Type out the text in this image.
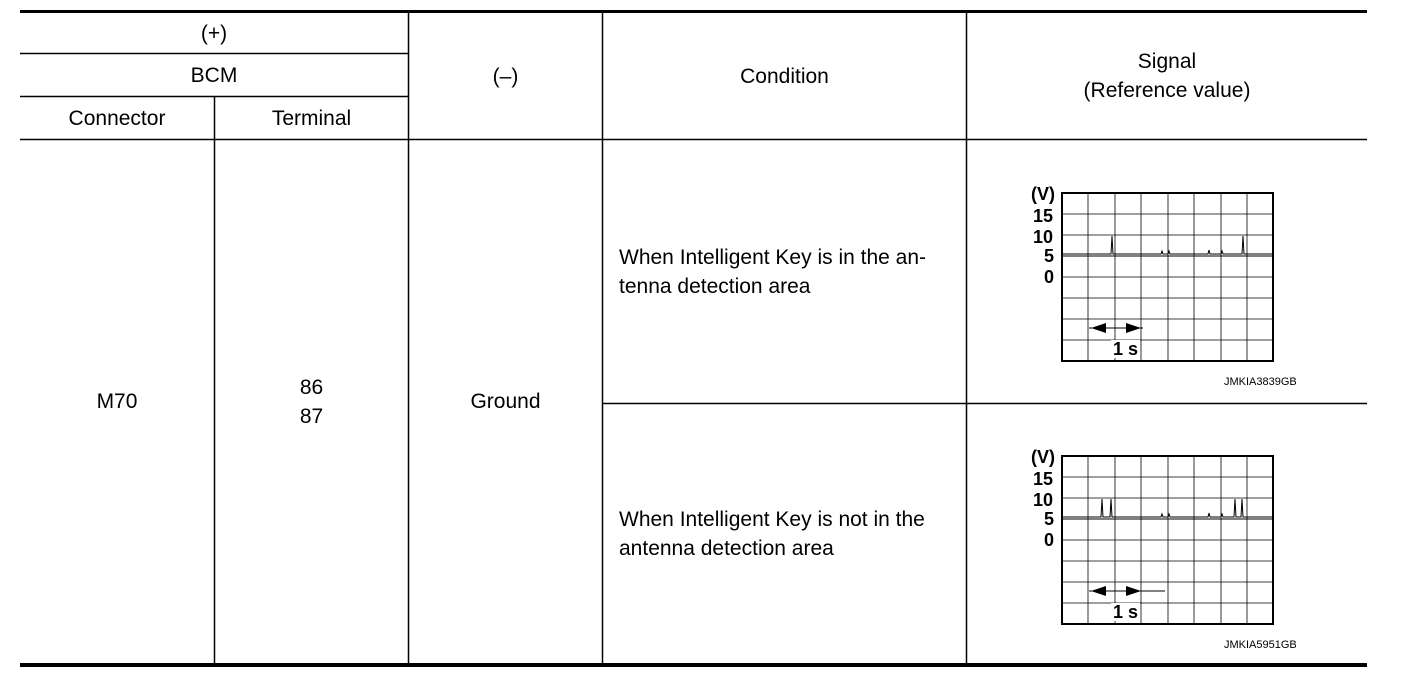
(+)
BCM
Connector	Terminal
(–)	Condition
Signal
(Reference value)
M70
86
87
Ground
When Intelligent Key is in the an-
tenna detection area
When Intelligent Key is not in the
antenna detection area
(V)
15
10
5
0
1 s
JMKIA3839GB
(V)
15
10
5
0
1 s
JMKIA5951GB
